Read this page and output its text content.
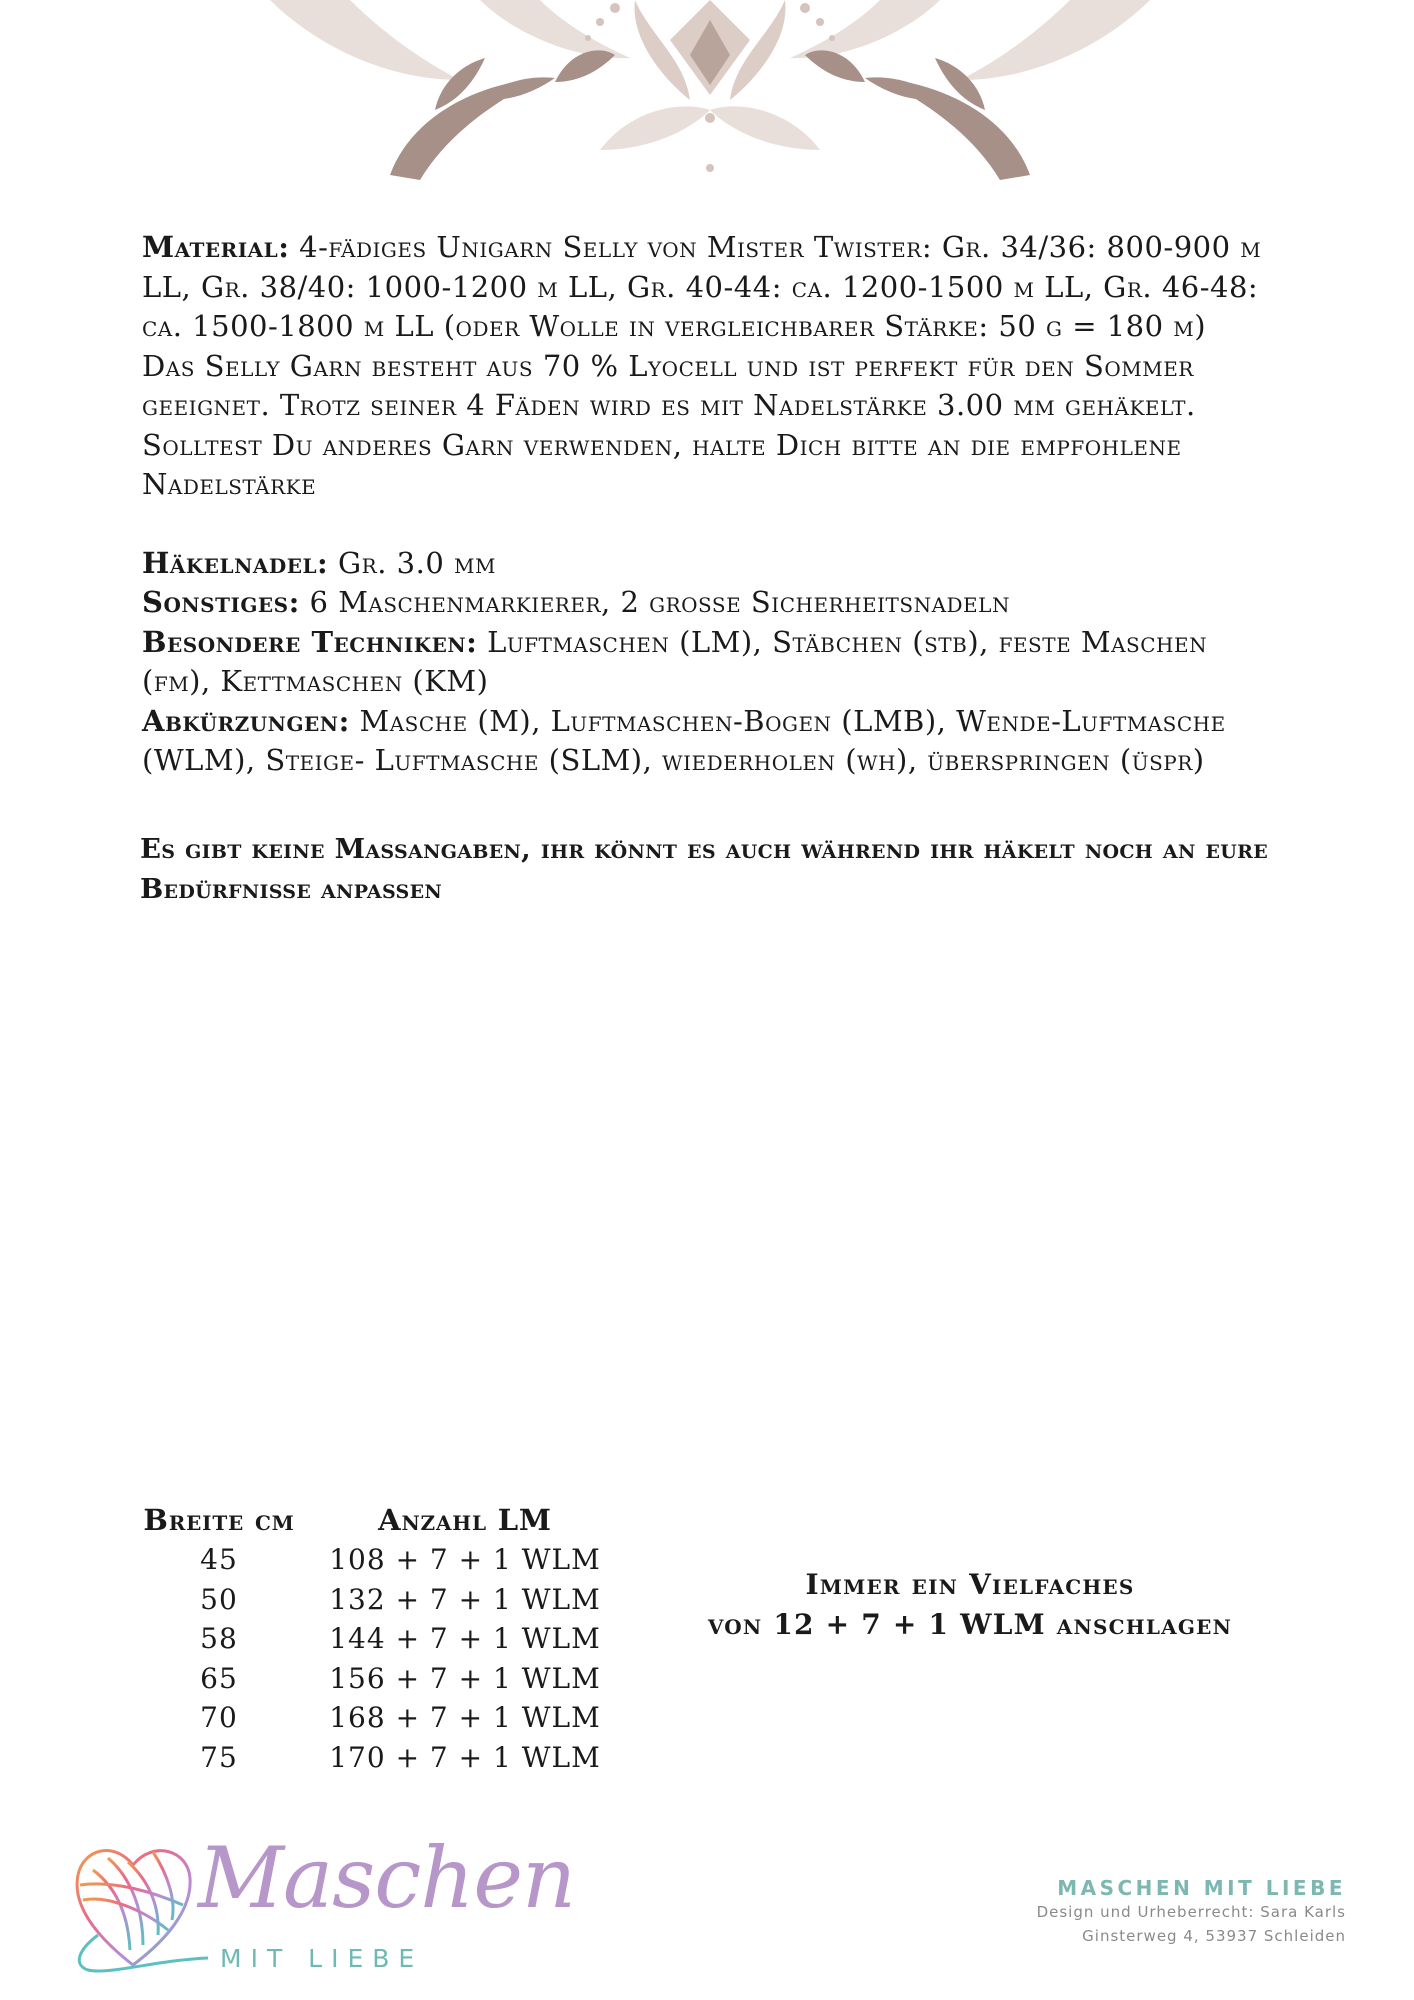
Material: 4-fädiges Unigarn Selly von Mister Twister: Gr. 34/36: 800-900 m LL, Gr. 38/40: 1000-1200 m LL, Gr. 40-44: ca. 1200-1500 m LL, Gr. 46-48: ca. 1500-1800 m LL (oder Wolle in vergleichbarer Stärke: 50 g = 180 m)

Das Selly Garn besteht aus 70 % Lyocell und ist perfekt für den Sommer geeignet. Trotz seiner 4 Fäden wird es mit Nadelstärke 3.00 mm gehäkelt. Solltest Du anderes Garn verwenden, halte Dich bitte an die empfohlene Nadelstärke

Häkelnadel: Gr. 3.0 mm

Sonstiges: 6 Maschenmarkierer, 2 grosse Sicherheitsnadeln

Besondere Techniken: Luftmaschen (LM), Stäbchen (stb), feste Maschen (fm), Kettmaschen (KM)

Abkürzungen: Masche (M), Luftmaschen-Bogen (LMB), Wende-Luftmasche (WLM), Steige- Luftmasche (SLM), wiederholen (wh), überspringen (üspr)

Es gibt keine Massangaben, ihr könnt es auch während ihr häkelt noch an eure Bedürfnisse anpassen
Breite cm	Anzahl LM
45	108 + 7 + 1 WLM
50	132 + 7 + 1 WLM
58	144 + 7 + 1 WLM
65	156 + 7 + 1 WLM
70	168 + 7 + 1 WLM
75	170 + 7 + 1 WLM
Immer ein Vielfaches
von 12 + 7 + 1 WLM anschlagen
Maschen
MIT LIEBE
MASCHEN MIT LIEBE
Design und Urheberrecht: Sara Karls
Ginsterweg 4, 53937 Schleiden
